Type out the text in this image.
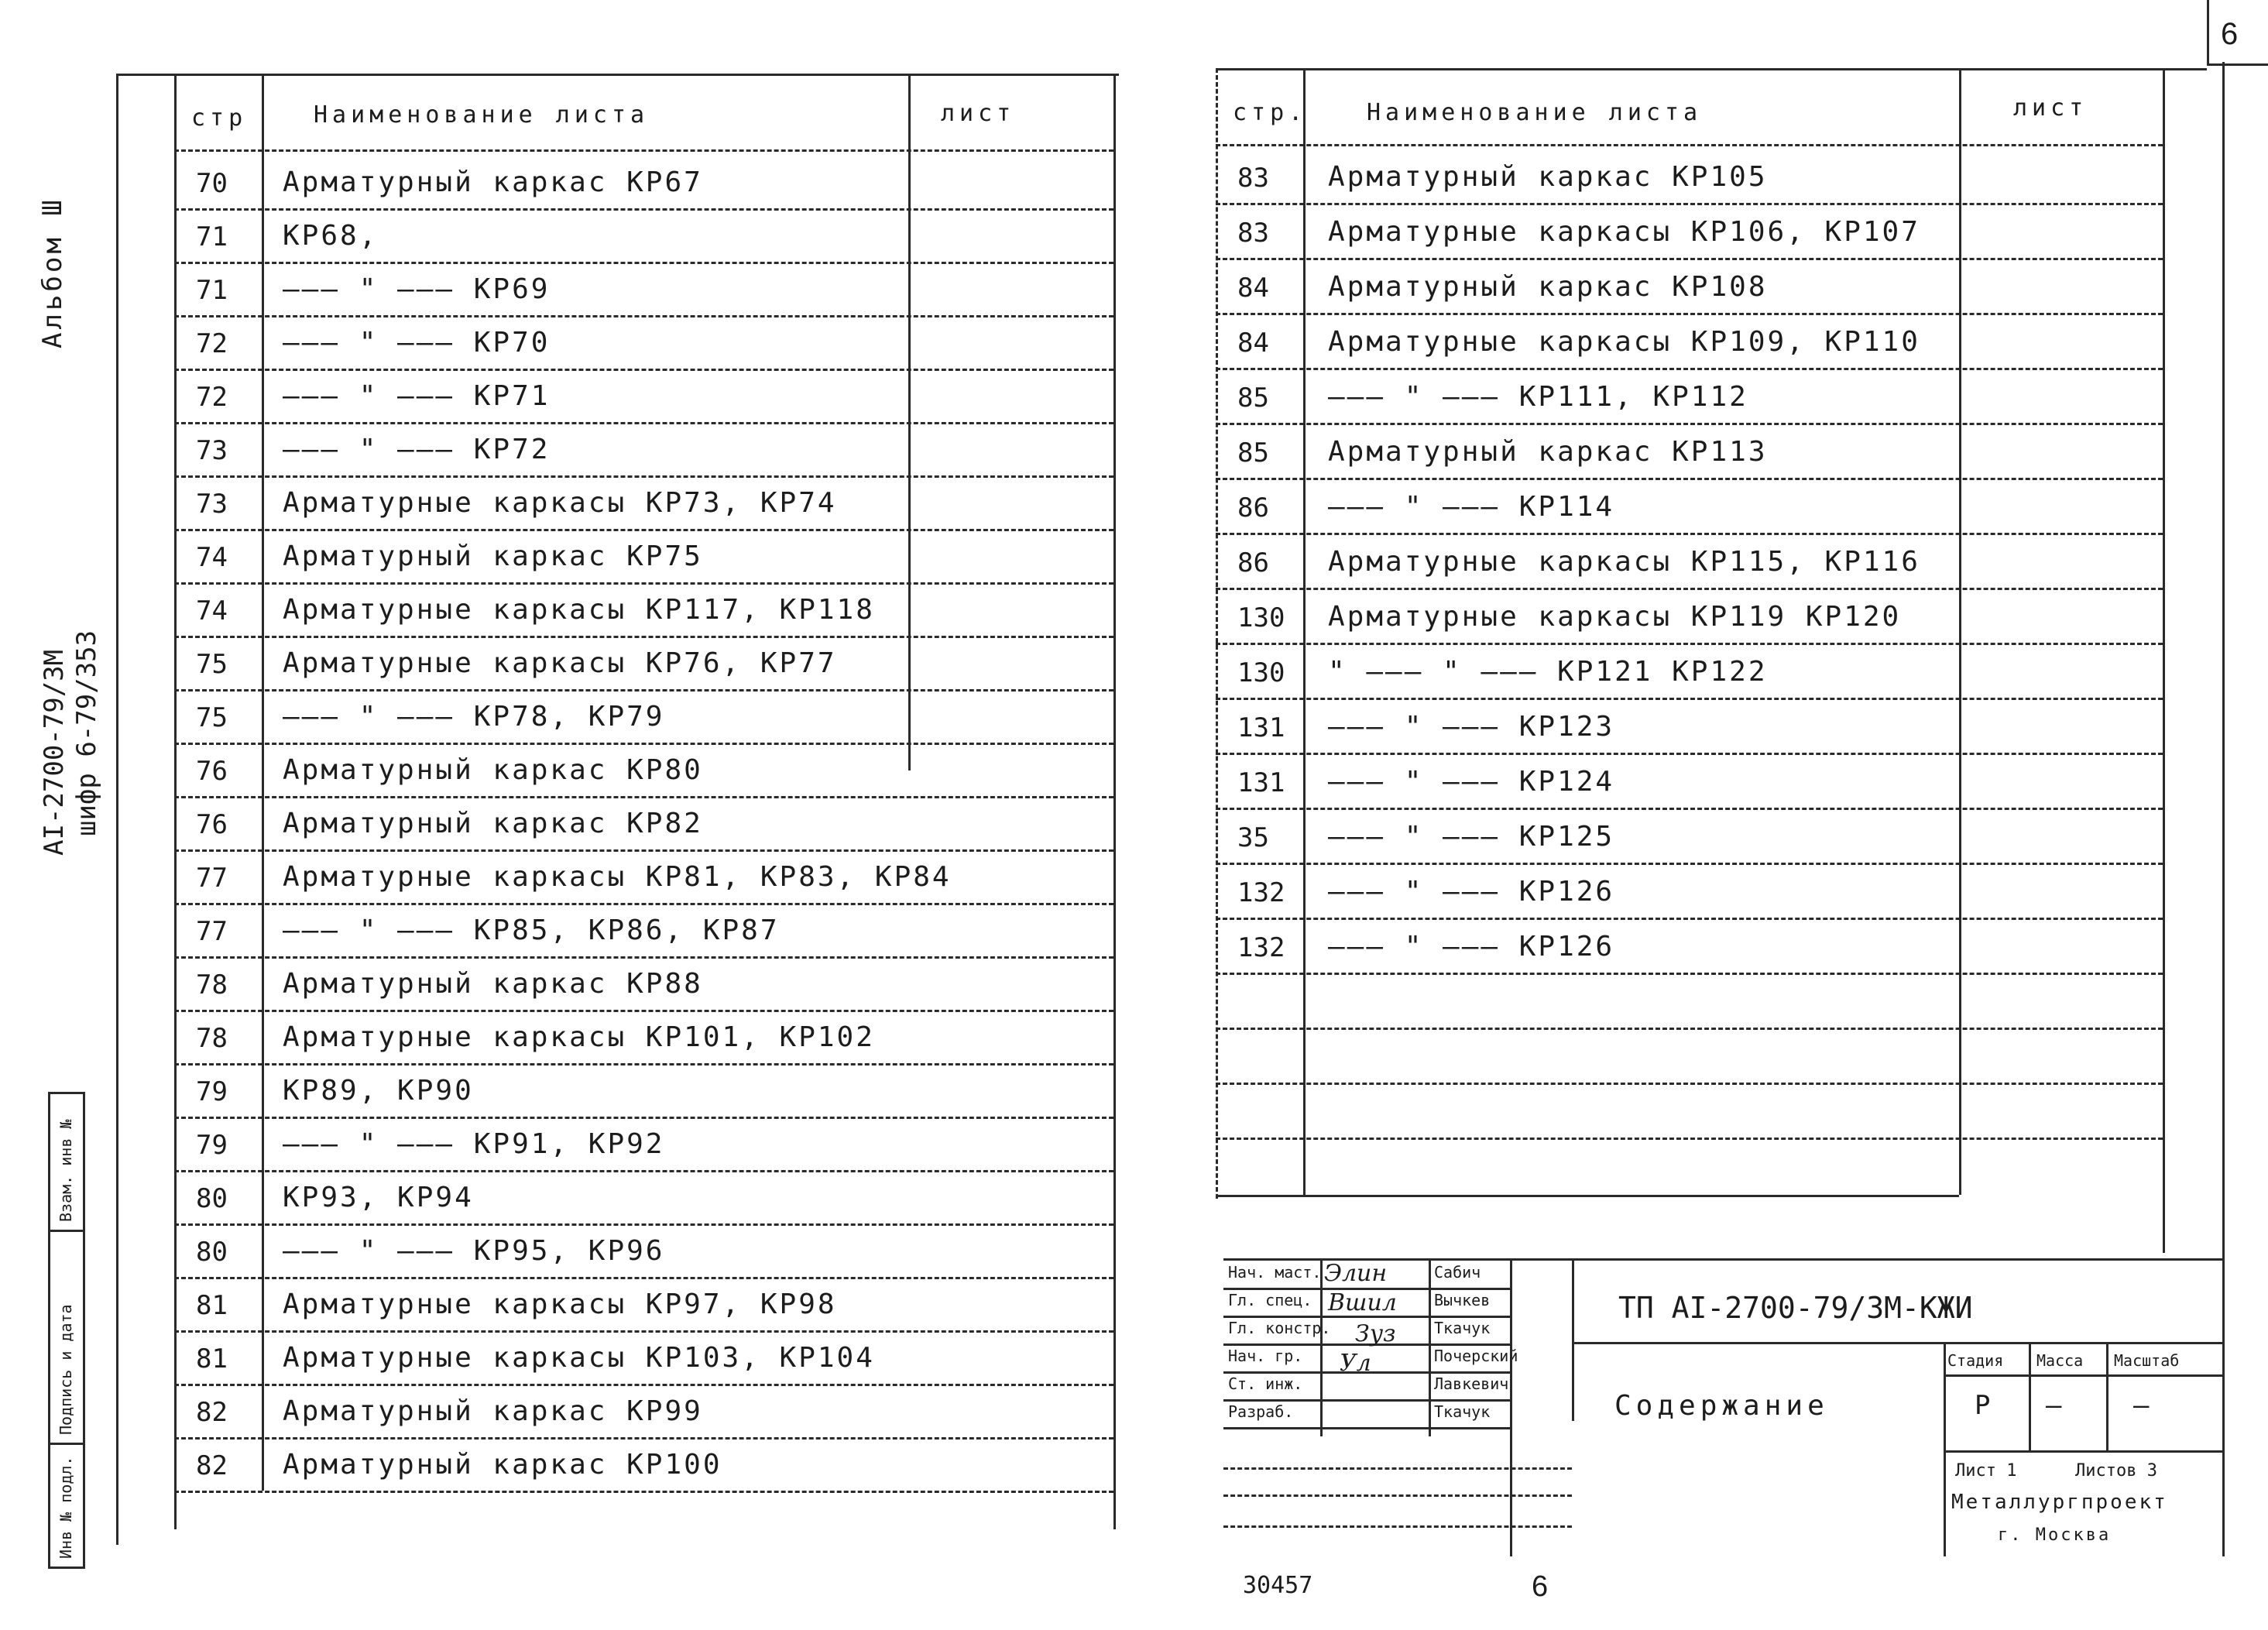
6
Альбом Ш
АI-2700-79/3М шифр 6-79/353
Взам. инв №
Подпись и дата
Инв № подл.
стр	Наименование листа	лист
70 Арматурный каркас КР67
71 КР68,
71 ——— " ——— КР69
72 ——— " ——— КР70
72 ——— " ——— КР71
73 ——— " ——— КР72
73 Арматурные каркасы КР73, КР74
74 Арматурный каркас КР75
74 Арматурные каркасы КР117, КР118
75 Арматурные каркасы КР76, КР77
75 ——— " ——— КР78, КР79
76 Арматурный каркас КР80
76 Арматурный каркас КР82
77 Арматурные каркасы КР81, КР83, КР84
77 ——— " ——— КР85, КР86, КР87
78 Арматурный каркас КР88
78 Арматурные каркасы КР101, КР102
79 КР89, КР90
79 ——— " ——— КР91, КР92
80 КР93, КР94
80 ——— " ——— КР95, КР96
81 Арматурные каркасы КР97, КР98
81 Арматурные каркасы КР103, КР104
82 Арматурный каркас КР99
82 Арматурный каркас КР100
стр.	Наименование листа	лист
83 Арматурный каркас КР105
83 Арматурные каркасы КР106, КР107
84 Арматурный каркас КР108
84 Арматурные каркасы КР109, КР110
85 ——— " ——— КР111, КР112
85 Арматурный каркас КР113
86 ——— " ——— КР114
86 Арматурные каркасы КР115, КР116
130 Арматурные каркасы КР119 КР120
130 " ——— " ——— КР121 КР122
131 ——— " ——— КР123
131 ——— " ——— КР124
35 ——— " ——— КР125
132 ——— " ——— КР126
132 ——— " ——— КР126
Нач. маст.	Сабич
Гл. спец.	Вычкев
Гл. констр.	Ткачук
Нач. гр.	Почерский
Ст. инж.	Лавкевич
Разраб.	Ткачук
ТП АI-2700-79/3М-КЖИ
Содержание
Стадия Масса Масштаб
Р –	–
Лист 1	Листов 3
Металлургпроект
г. Москва
Элин
Вшил
Зуз
Ул
30457	6
